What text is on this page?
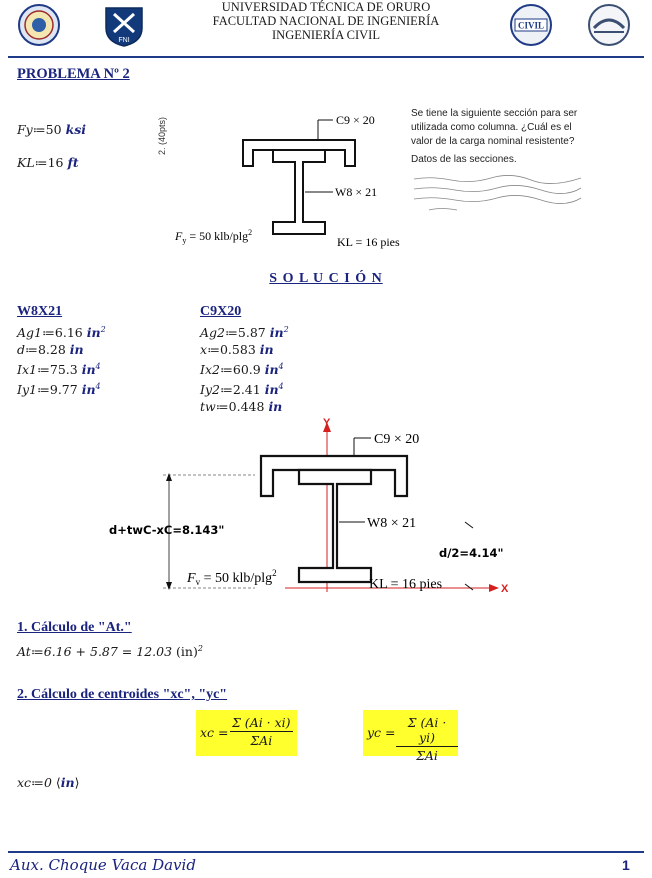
UNIVERSIDAD TÉCNICA DE ORURO
FACULTAD NACIONAL DE INGENIERÍA
INGENIERÍA CIVIL
FNI
CIVIL
PROBLEMA Nº 2
Fy≔50 ksi
KL≔16 ft
2. (40pts)	C9 × 20
W8 × 21
$F_y = 50$ klb/plg$^2$
KL = 16 pies
Se tiene la siguiente sección para ser
utilizada como columna. ¿Cuál es el
valor de la carga nominal resistente?
Datos de las secciones.
S O L U C I Ó N
W8X21
Ag1≔6.16 $in^2$
d≔8.28 in
Ix1≔75.3 $in^4$
Iy1≔9.77 $in^4$
C9X20
Ag2≔5.87 $in^2$
x≔0.583 in
Ix2≔60.9 $in^4$
Iy2≔2.41 $in^4$
tw≔0.448 in
Y
X
C9 × 20
W8 × 21
d+twC-xC=8.143"
d/2=4.14"
$F_v = 50$ klb/plg$^2$
KL = 16 pies
1. Cálculo de "At."
At≔6.16 + 5.87 = 12.03 (in)$^2$
2. Cálculo de centroides "xc", "yc"
xc =
Σ (Ai · xi)
ΣAi
yc =
Σ (Ai · yi)
ΣAi
xc≔0 ⟨in⟩
Aux. Choque Vaca David	1
